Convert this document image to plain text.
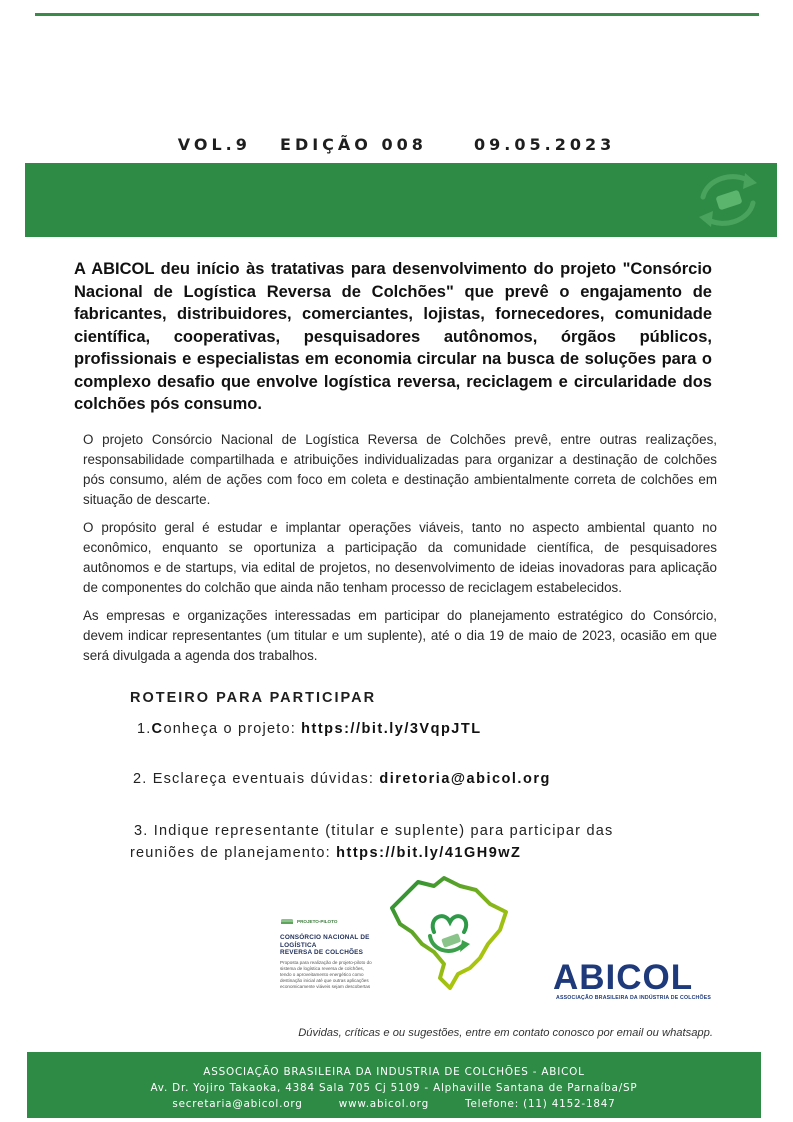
VOL.9 EDIÇÃO 008	09.05.2023

A ABICOL deu início às tratativas para desenvolvimento do projeto "Consórcio Nacional de Logística Reversa de Colchões" que prevê o engajamento de fabricantes, distribuidores, comerciantes, lojistas, fornecedores, comunidade científica, cooperativas, pesquisadores autônomos, órgãos públicos, profissionais e especialistas em economia circular na busca de soluções para o complexo desafio que envolve logística reversa, reciclagem e circularidade dos colchões pós consumo.

O projeto Consórcio Nacional de Logística Reversa de Colchões prevê, entre outras realizações, responsabilidade compartilhada e atribuições individualizadas para organizar a destinação de colchões pós consumo, além de ações com foco em coleta e destinação ambientalmente correta de colchões em situação de descarte.

O propósito geral é estudar e implantar operações viáveis, tanto no aspecto ambiental quanto no econômico, enquanto se oportuniza a participação da comunidade científica, de pesquisadores autônomos e de startups, via edital de projetos, no desenvolvimento de ideias inovadoras para aplicação de componentes do colchão que ainda não tenham processo de reciclagem estabelecidos.

As empresas e organizações interessadas em participar do planejamento estratégico do Consórcio, devem indicar representantes (um titular e um suplente), até o dia 19 de maio de 2023, ocasião em que será divulgada a agenda dos trabalhos.

ROTEIRO PARA PARTICIPAR
1.Conheça o projeto: https://bit.ly/3VqpJTL
2. Esclareça eventuais dúvidas: diretoria@abicol.org
3. Indique representante (titular e suplente) para participar das
reuniões de planejamento: https://bit.ly/41GH9wZ
PROJETO-PILOTO
CONSÓRCIO NACIONAL DE LOGÍSTICA
REVERSA DE COLCHÕES
Proposta para realização de projeto-piloto do
sistema de logística reversa de colchões,
tendo o aproveitamento energético como
destinação inicial até que outras aplicações
economicamente viáveis sejam descobertas	ABICOL
ASSOCIAÇÃO BRASILEIRA DA INDÚSTRIA DE COLCHÕES
Dúvidas, críticas e ou sugestões, entre em contato conosco por email ou whatsapp.
ASSOCIAÇÃO BRASILEIRA DA INDUSTRIA DE COLCHÕES - ABICOL
Av. Dr. Yojiro Takaoka, 4384 Sala 705 Cj 5109 - Alphaville Santana de Parnaíba/SP
secretaria@abicol.org	www.abicol.org	Telefone: (11) 4152-1847
